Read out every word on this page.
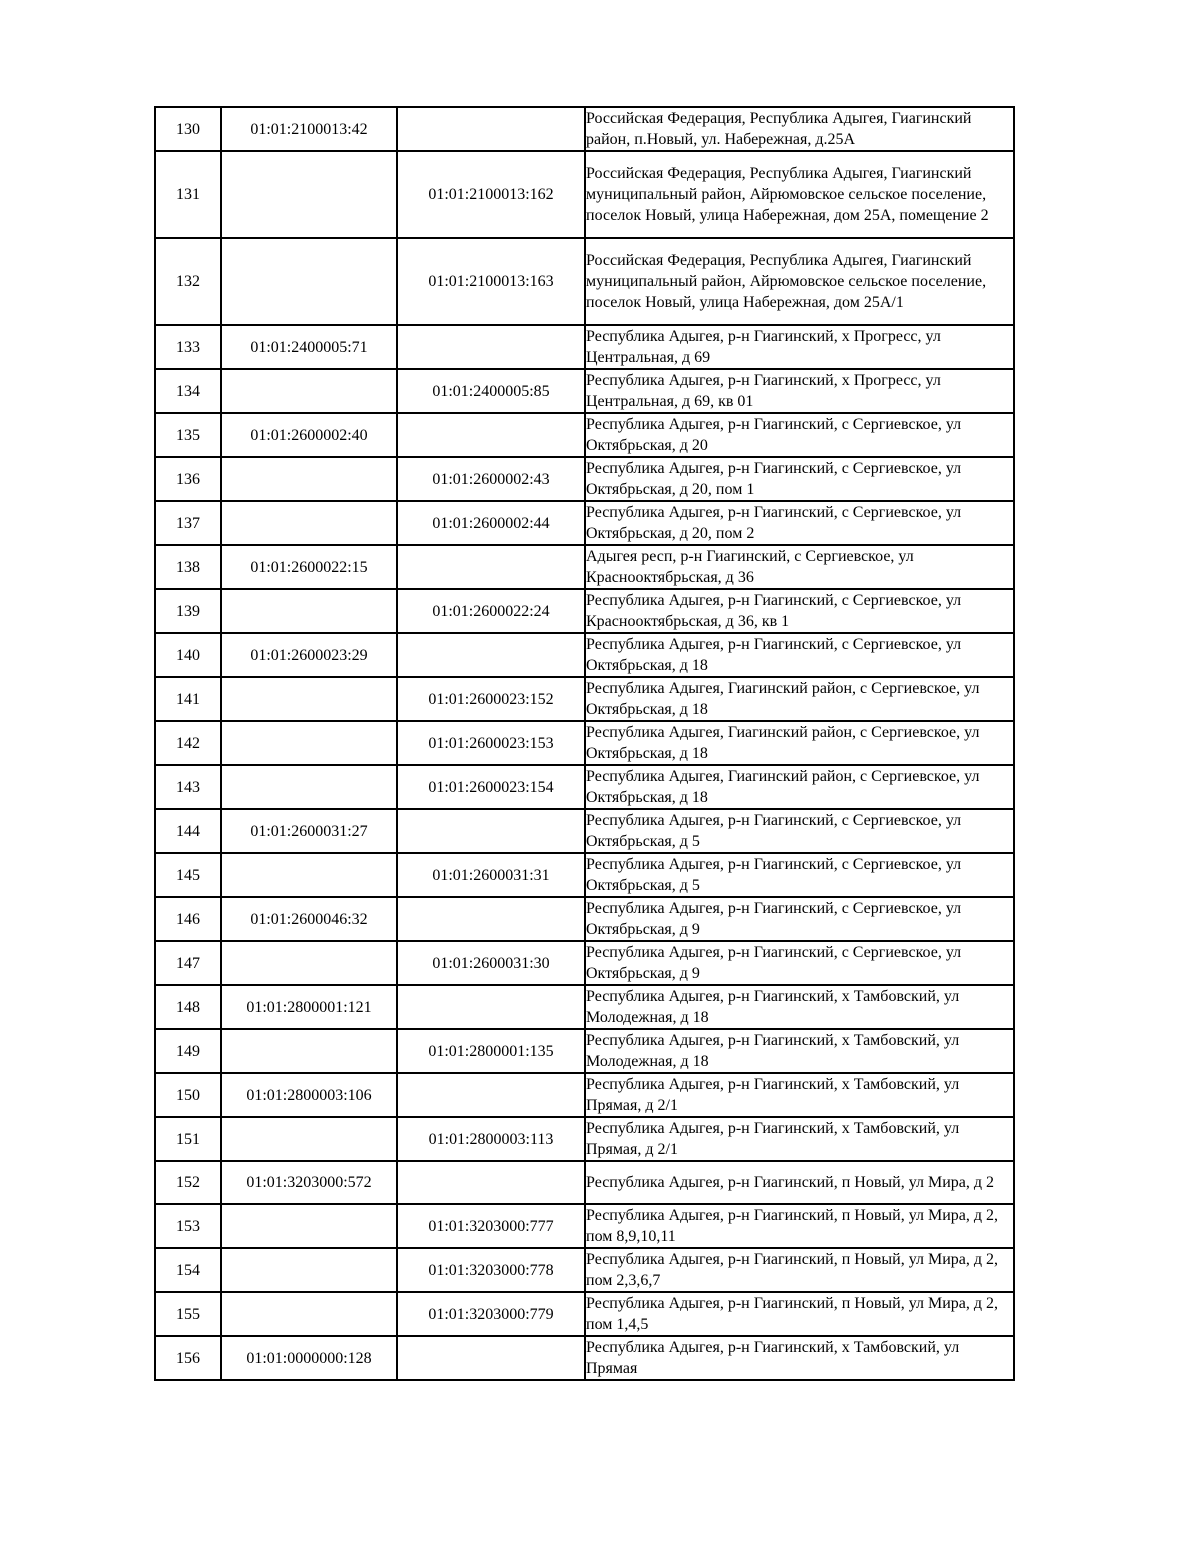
130	01:01:2100013:42		Российская Федерация, Республика Адыгея, Гиагинский район, п.Новый, ул. Набережная, д.25А
131		01:01:2100013:162	Российская Федерация, Республика Адыгея, Гиагинский муниципальный район, Айрюмовское сельское поселение, поселок Новый, улица Набережная, дом 25А, помещение 2
132		01:01:2100013:163	Российская Федерация, Республика Адыгея, Гиагинский муниципальный район, Айрюмовское сельское поселение, поселок Новый, улица Набережная, дом 25А/1
133	01:01:2400005:71		Республика Адыгея, р-н Гиагинский, х Прогресс, ул Центральная, д 69
134		01:01:2400005:85	Республика Адыгея, р-н Гиагинский, х Прогресс, ул Центральная, д 69, кв 01
135	01:01:2600002:40		Республика Адыгея, р-н Гиагинский, с Сергиевское, ул Октябрьская, д 20
136		01:01:2600002:43	Республика Адыгея, р-н Гиагинский, с Сергиевское, ул Октябрьская, д 20, пом 1
137		01:01:2600002:44	Республика Адыгея, р-н Гиагинский, с Сергиевское, ул Октябрьская, д 20, пом 2
138	01:01:2600022:15		Адыгея респ, р-н Гиагинский, с Сергиевское, ул Краснооктябрьская, д 36
139		01:01:2600022:24	Республика Адыгея, р-н Гиагинский, с Сергиевское, ул Краснооктябрьская, д 36, кв 1
140	01:01:2600023:29		Республика Адыгея, р-н Гиагинский, с Сергиевское, ул Октябрьская, д 18
141		01:01:2600023:152	Республика Адыгея, Гиагинский район, с Сергиевское, ул Октябрьская, д 18
142		01:01:2600023:153	Республика Адыгея, Гиагинский район, с Сергиевское, ул Октябрьская, д 18
143		01:01:2600023:154	Республика Адыгея, Гиагинский район, с Сергиевское, ул Октябрьская, д 18
144	01:01:2600031:27		Республика Адыгея, р-н Гиагинский, с Сергиевское, ул Октябрьская, д 5
145		01:01:2600031:31	Республика Адыгея, р-н Гиагинский, с Сергиевское, ул Октябрьская, д 5
146	01:01:2600046:32		Республика Адыгея, р-н Гиагинский, с Сергиевское, ул Октябрьская, д 9
147		01:01:2600031:30	Республика Адыгея, р-н Гиагинский, с Сергиевское, ул Октябрьская, д 9
148	01:01:2800001:121		Республика Адыгея, р-н Гиагинский, х Тамбовский, ул Молодежная, д 18
149		01:01:2800001:135	Республика Адыгея, р-н Гиагинский, х Тамбовский, ул Молодежная, д 18
150	01:01:2800003:106		Республика Адыгея, р-н Гиагинский, х Тамбовский, ул Прямая, д 2/1
151		01:01:2800003:113	Республика Адыгея, р-н Гиагинский, х Тамбовский, ул Прямая, д 2/1
152	01:01:3203000:572		Республика Адыгея, р-н Гиагинский, п Новый, ул Мира, д 2
153		01:01:3203000:777	Республика Адыгея, р-н Гиагинский, п Новый, ул Мира, д 2, пом 8,9,10,11
154		01:01:3203000:778	Республика Адыгея, р-н Гиагинский, п Новый, ул Мира, д 2, пом 2,3,6,7
155		01:01:3203000:779	Республика Адыгея, р-н Гиагинский, п Новый, ул Мира, д 2, пом 1,4,5
156	01:01:0000000:128		Республика Адыгея, р-н Гиагинский, х Тамбовский, ул Прямая
